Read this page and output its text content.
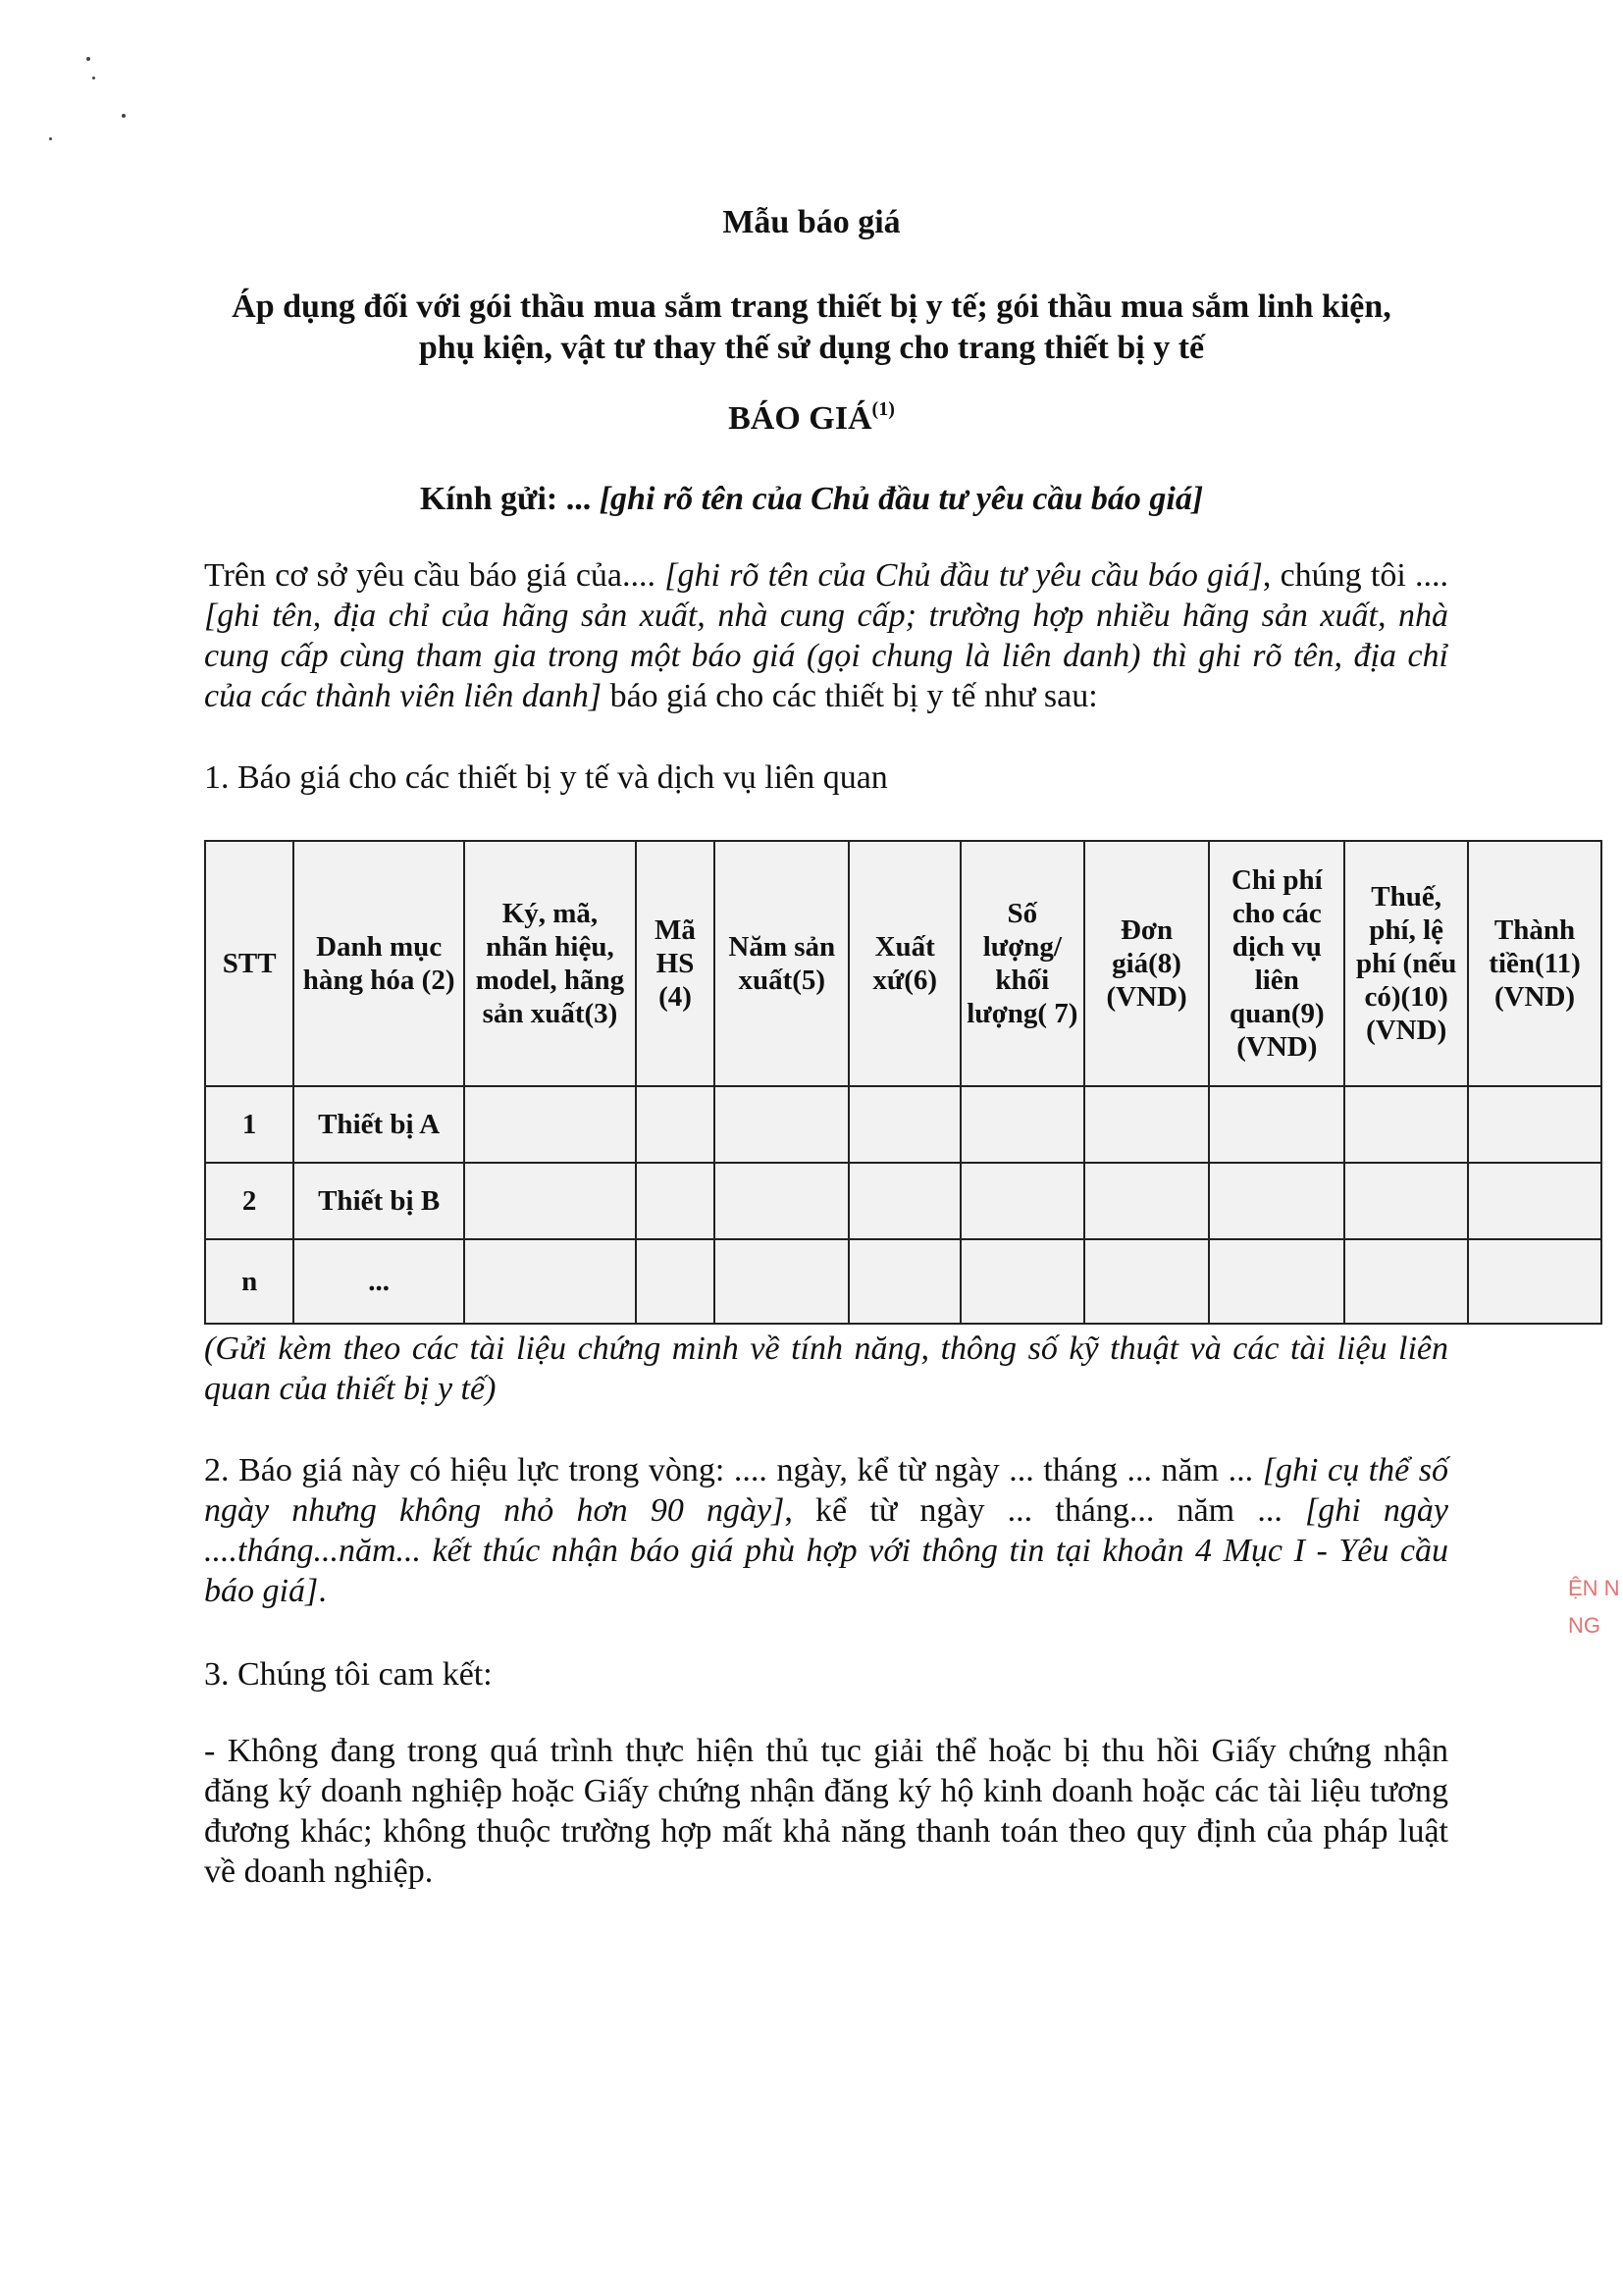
Mẫu báo giá
Áp dụng đối với gói thầu mua sắm trang thiết bị y tế; gói thầu mua sắm linh kiện,
phụ kiện, vật tư thay thế sử dụng cho trang thiết bị y tế
BÁO GIÁ$^{(1)}$
Kính gửi: ... [ghi rõ tên của Chủ đầu tư yêu cầu báo giá]
Trên cơ sở yêu cầu báo giá của.... [ghi rõ tên của Chủ đầu tư yêu cầu báo giá], chúng tôi .... [ghi tên, địa chỉ của hãng sản xuất, nhà cung cấp; trường hợp nhiều hãng sản xuất, nhà cung cấp cùng tham gia trong một báo giá (gọi chung là liên danh) thì ghi rõ tên, địa chỉ của các thành viên liên danh] báo giá cho các thiết bị y tế như sau:
1. Báo giá cho các thiết bị y tế và dịch vụ liên quan
STT	Danh mục hàng hóa (2)	Ký, mã, nhãn hiệu, model, hãng sản xuất(3)	Mã HS (4)	Năm sản xuất(5)	Xuất xứ(6)	Số lượng/ khối lượng( 7)	Đơn giá(8) (VND)	Chi phí cho các dịch vụ liên quan(9) (VND)	Thuế, phí, lệ phí (nếu có)(10) (VND)	Thành tiền(11) (VND)
1	Thiết bị A									
2	Thiết bị B									
n	...									
(Gửi kèm theo các tài liệu chứng minh về tính năng, thông số kỹ thuật và các tài liệu liên quan của thiết bị y tế)
2. Báo giá này có hiệu lực trong vòng: .... ngày, kể từ ngày ... tháng ... năm ... [ghi cụ thể số ngày nhưng không nhỏ hơn 90 ngày], kể từ ngày ... tháng... năm ... [ghi ngày ....tháng...năm... kết thúc nhận báo giá phù hợp với thông tin tại khoản 4 Mục I - Yêu cầu báo giá].
3. Chúng tôi cam kết:
- Không đang trong quá trình thực hiện thủ tục giải thể hoặc bị thu hồi Giấy chứng nhận đăng ký doanh nghiệp hoặc Giấy chứng nhận đăng ký hộ kinh doanh hoặc các tài liệu tương đương khác; không thuộc trường hợp mất khả năng thanh toán theo quy định của pháp luật về doanh nghiệp.
ỆN N NG
